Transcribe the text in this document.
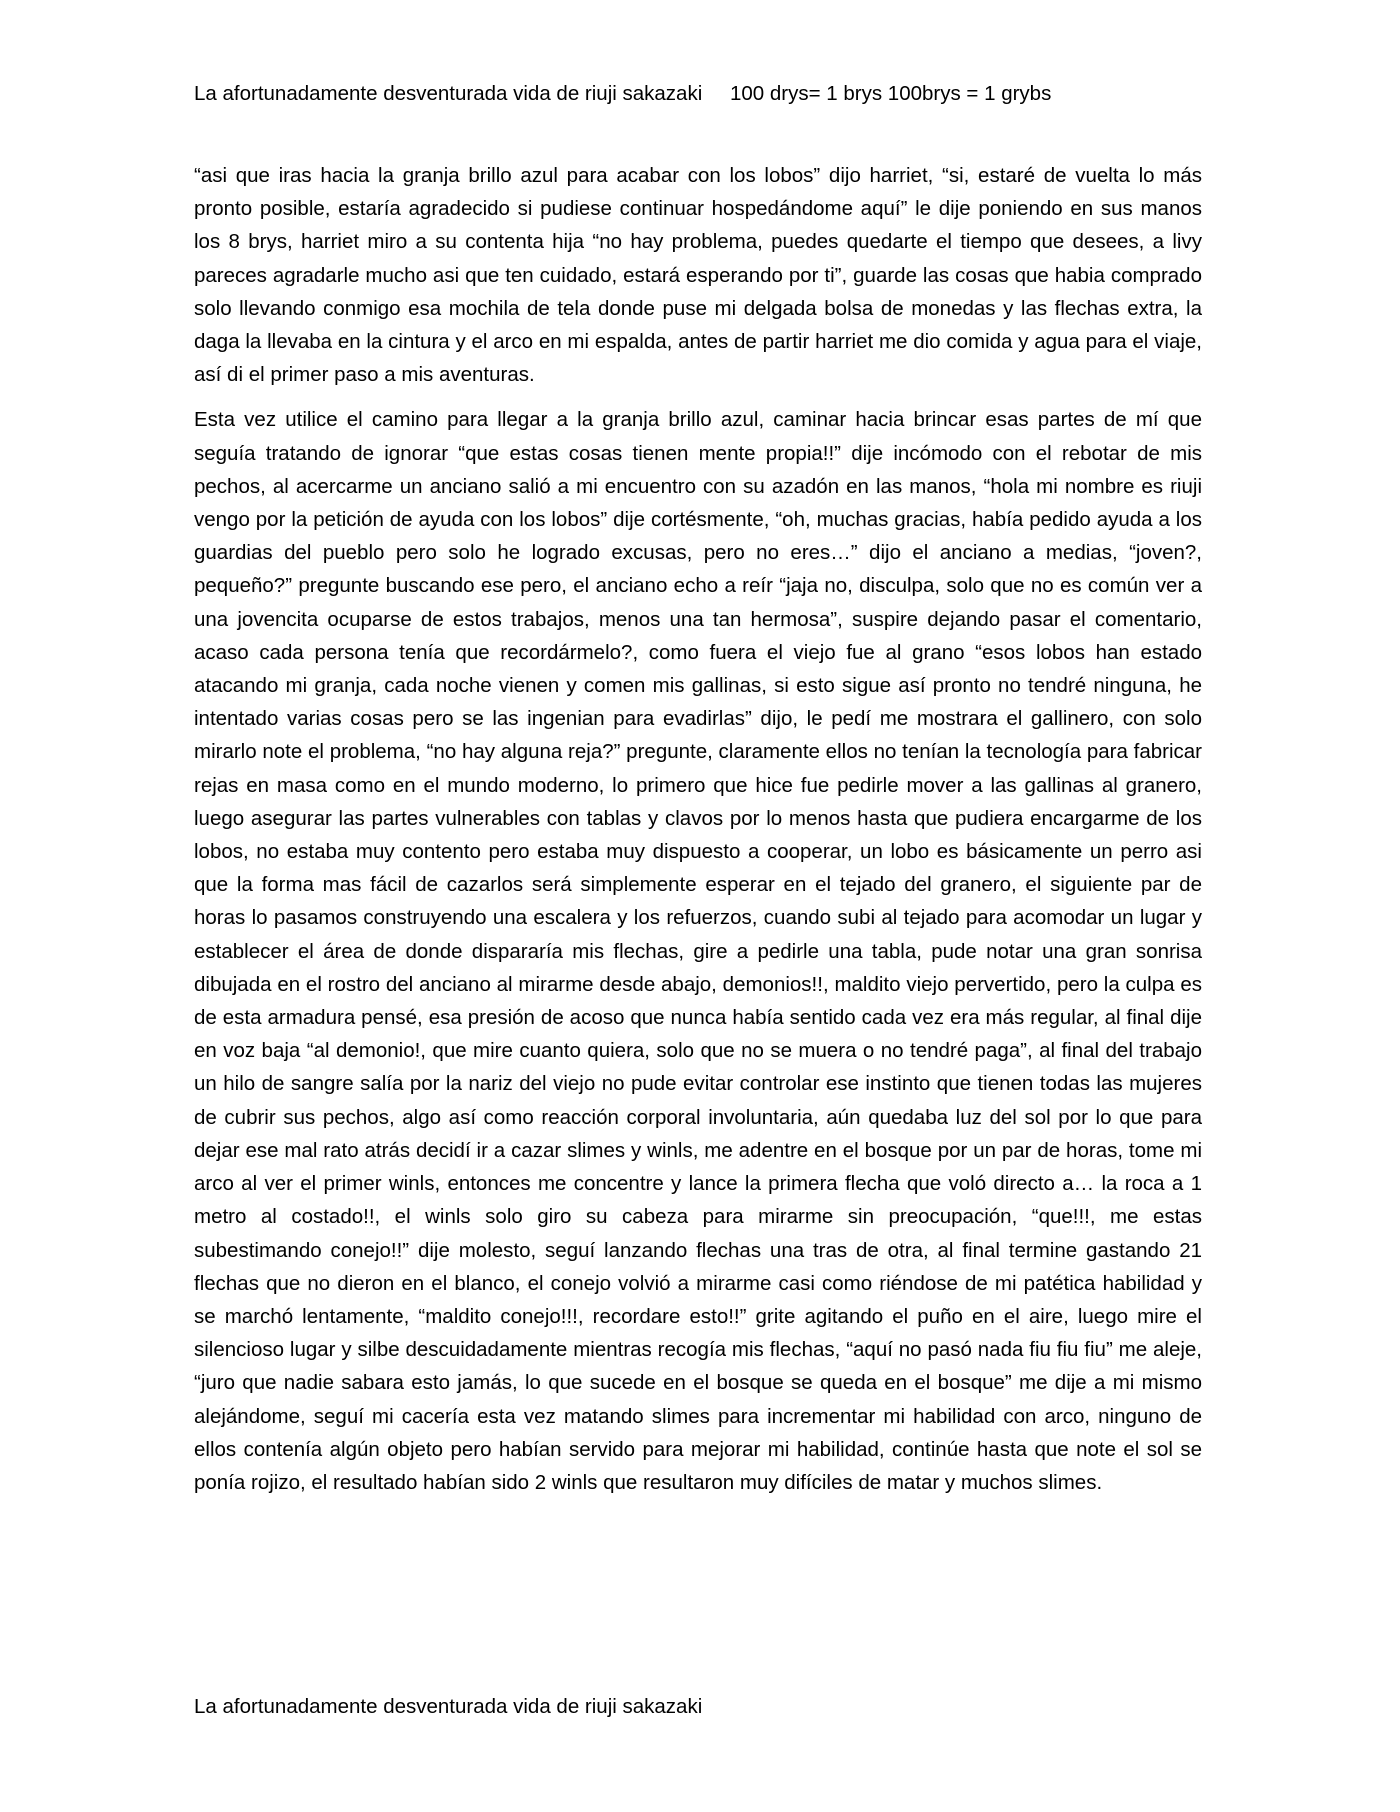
La afortunadamente desventurada vida de riuji sakazaki 100 drys= 1 brys 100brys = 1 grybs

“asi que iras hacia la granja brillo azul para acabar con los lobos” dijo harriet, “si, estaré de vuelta lo más pronto posible, estaría agradecido si pudiese continuar hospedándome aquí” le dije poniendo en sus manos los 8 brys, harriet miro a su contenta hija “no hay problema, puedes quedarte el tiempo que desees, a livy pareces agradarle mucho asi que ten cuidado, estará esperando por ti”, guarde las cosas que habia comprado solo llevando conmigo esa mochila de tela donde puse mi delgada bolsa de monedas y las flechas extra, la daga la llevaba en la cintura y el arco en mi espalda, antes de partir harriet me dio comida y agua para el viaje, así di el primer paso a mis aventuras.

Esta vez utilice el camino para llegar a la granja brillo azul, caminar hacia brincar esas partes de mí que seguía tratando de ignorar “que estas cosas tienen mente propia!!” dije incómodo con el rebotar de mis pechos, al acercarme un anciano salió a mi encuentro con su azadón en las manos, “hola mi nombre es riuji vengo por la petición de ayuda con los lobos” dije cortésmente, “oh, muchas gracias, había pedido ayuda a los guardias del pueblo pero solo he logrado excusas, pero no eres…” dijo el anciano a medias, “joven?, pequeño?” pregunte buscando ese pero, el anciano echo a reír “jaja no, disculpa, solo que no es común ver a una jovencita ocuparse de estos trabajos, menos una tan hermosa”, suspire dejando pasar el comentario, acaso cada persona tenía que recordármelo?, como fuera el viejo fue al grano “esos lobos han estado atacando mi granja, cada noche vienen y comen mis gallinas, si esto sigue así pronto no tendré ninguna, he intentado varias cosas pero se las ingenian para evadirlas” dijo, le pedí me mostrara el gallinero, con solo mirarlo note el problema, “no hay alguna reja?” pregunte, claramente ellos no tenían la tecnología para fabricar rejas en masa como en el mundo moderno, lo primero que hice fue pedirle mover a las gallinas al granero, luego asegurar las partes vulnerables con tablas y clavos por lo menos hasta que pudiera encargarme de los lobos, no estaba muy contento pero estaba muy dispuesto a cooperar, un lobo es básicamente un perro asi que la forma mas fácil de cazarlos será simplemente esperar en el tejado del granero, el siguiente par de horas lo pasamos construyendo una escalera y los refuerzos, cuando subi al tejado para acomodar un lugar y establecer el área de donde dispararía mis flechas, gire a pedirle una tabla, pude notar una gran sonrisa dibujada en el rostro del anciano al mirarme desde abajo, demonios!!, maldito viejo pervertido, pero la culpa es de esta armadura pensé, esa presión de acoso que nunca había sentido cada vez era más regular, al final dije en voz baja “al demonio!, que mire cuanto quiera, solo que no se muera o no tendré paga”, al final del trabajo un hilo de sangre salía por la nariz del viejo no pude evitar controlar ese instinto que tienen todas las mujeres de cubrir sus pechos, algo así como reacción corporal involuntaria, aún quedaba luz del sol por lo que para dejar ese mal rato atrás decidí ir a cazar slimes y winls, me adentre en el bosque por un par de horas, tome mi arco al ver el primer winls, entonces me concentre y lance la primera flecha que voló directo a… la roca a 1 metro al costado!!, el winls solo giro su cabeza para mirarme sin preocupación, “que!!!, me estas subestimando conejo!!” dije molesto, seguí lanzando flechas una tras de otra, al final termine gastando 21 flechas que no dieron en el blanco, el conejo volvió a mirarme casi como riéndose de mi patética habilidad y se marchó lentamente, “maldito conejo!!!, recordare esto!!” grite agitando el puño en el aire, luego mire el silencioso lugar y silbe descuidadamente mientras recogía mis flechas, “aquí no pasó nada fiu fiu fiu” me aleje, “juro que nadie sabara esto jamás, lo que sucede en el bosque se queda en el bosque” me dije a mi mismo alejándome, seguí mi cacería esta vez matando slimes para incrementar mi habilidad con arco, ninguno de ellos contenía algún objeto pero habían servido para mejorar mi habilidad, continúe hasta que note el sol se ponía rojizo, el resultado habían sido 2 winls que resultaron muy difíciles de matar y muchos slimes.

La afortunadamente desventurada vida de riuji sakazaki
